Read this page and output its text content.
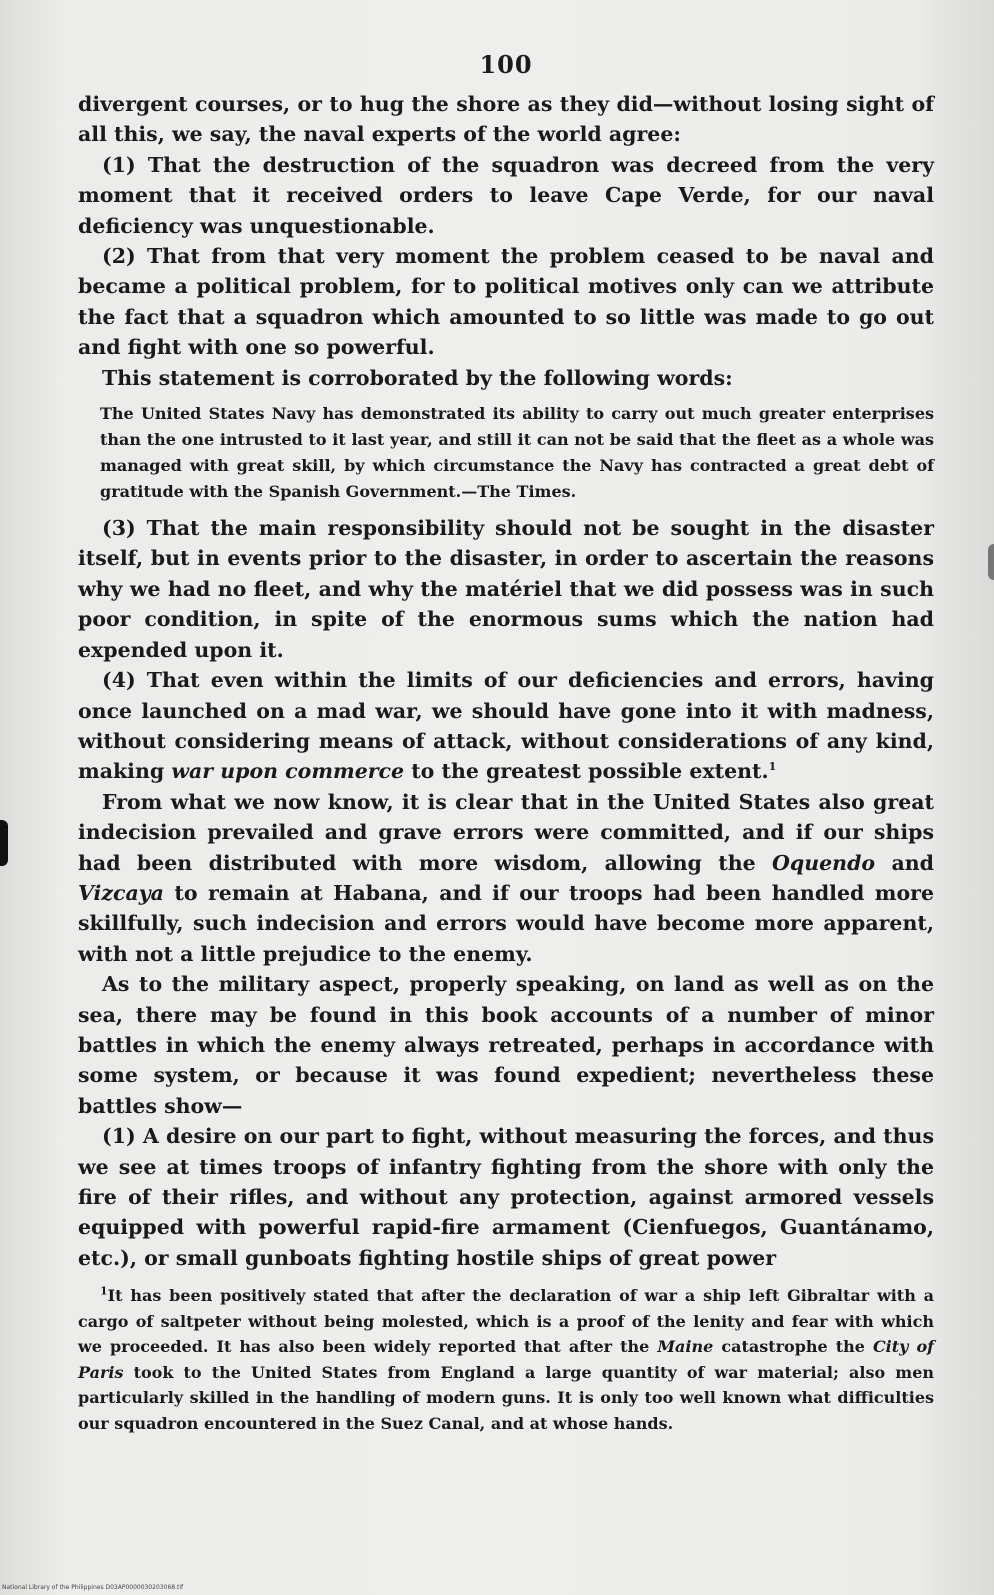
100

divergent courses, or to hug the shore as they did—without losing sight of all this, we say, the naval experts of the world agree:

(1) That the destruction of the squadron was decreed from the very moment that it received orders to leave Cape Verde, for our naval deficiency was unquestionable.

(2) That from that very moment the problem ceased to be naval and became a political problem, for to political motives only can we attribute the fact that a squadron which amounted to so little was made to go out and fight with one so powerful.

This statement is corroborated by the following words:

The United States Navy has demonstrated its ability to carry out much greater enterprises than the one intrusted to it last year, and still it can not be said that the fleet as a whole was managed with great skill, by which circumstance the Navy has contracted a great debt of gratitude with the Spanish Government.—The Times.

(3) That the main responsibility should not be sought in the disaster itself, but in events prior to the disaster, in order to ascertain the reasons why we had no fleet, and why the matériel that we did possess was in such poor condition, in spite of the enormous sums which the nation had expended upon it.

(4) That even within the limits of our deficiencies and errors, having once launched on a mad war, we should have gone into it with madness, without considering means of attack, without considerations of any kind, making war upon commerce to the greatest possible extent.$^1$

From what we now know, it is clear that in the United States also great indecision prevailed and grave errors were committed, and if our ships had been distributed with more wisdom, allowing the Oquendo and Vizcaya to remain at Habana, and if our troops had been handled more skillfully, such indecision and errors would have become more apparent, with not a little prejudice to the enemy.

As to the military aspect, properly speaking, on land as well as on the sea, there may be found in this book accounts of a number of minor battles in which the enemy always retreated, perhaps in accordance with some system, or because it was found expedient; nevertheless these battles show—

(1) A desire on our part to fight, without measuring the forces, and thus we see at times troops of infantry fighting from the shore with only the fire of their rifles, and without any protection, against armored vessels equipped with powerful rapid-fire armament (Cienfuegos, Guantánamo, etc.), or small gunboats fighting hostile ships of great power

$^1$It has been positively stated that after the declaration of war a ship left Gibraltar with a cargo of saltpeter without being molested, which is a proof of the lenity and fear with which we proceeded. It has also been widely reported that after the Maine catastrophe the City of Paris took to the United States from England a large quantity of war material; also men particularly skilled in the handling of modern guns. It is only too well known what difficulties our squadron encountered in the Suez Canal, and at whose hands.
National Library of the Philippines D03AP0000030203068.tif
